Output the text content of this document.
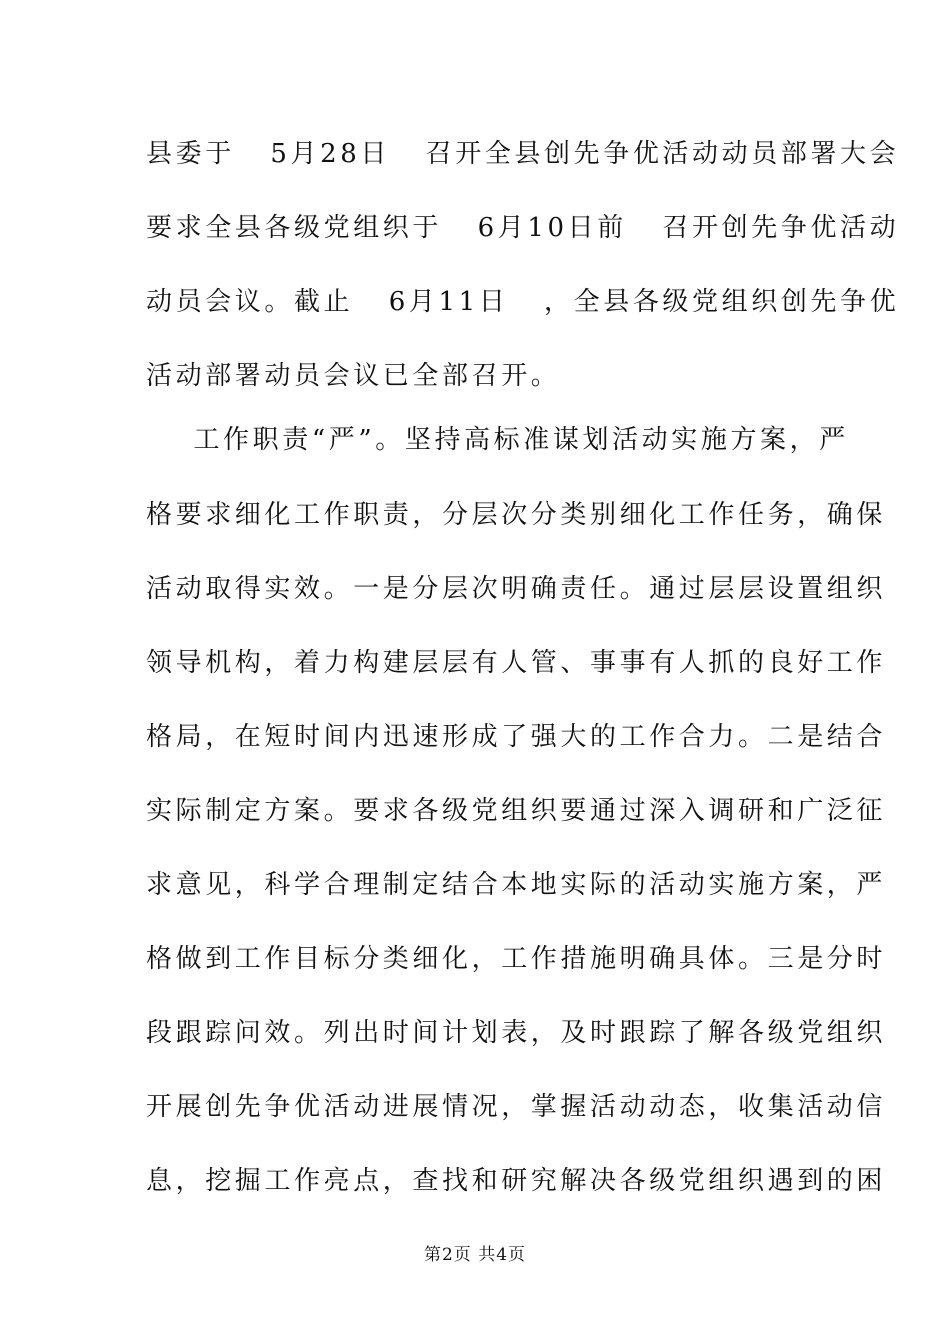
县委于   5月28日   召开全县创先争优活动动员部署大会
要求全县各级党组织于   6月10日前   召开创先争优活动
动员会议。截止   6月11日   ，全县各级党组织创先争优
活动部署动员会议已全部召开。
工作职责“严”。坚持高标准谋划活动实施方案，严
格要求细化工作职责，分层次分类别细化工作任务，确保
活动取得实效。一是分层次明确责任。通过层层设置组织
领导机构，着力构建层层有人管、事事有人抓的良好工作
格局，在短时间内迅速形成了强大的工作合力。二是结合
实际制定方案。要求各级党组织要通过深入调研和广泛征
求意见，科学合理制定结合本地实际的活动实施方案，严
格做到工作目标分类细化，工作措施明确具体。三是分时
段跟踪问效。列出时间计划表，及时跟踪了解各级党组织
开展创先争优活动进展情况，掌握活动动态，收集活动信
息，挖掘工作亮点，查找和研究解决各级党组织遇到的困
第2页 共4页
